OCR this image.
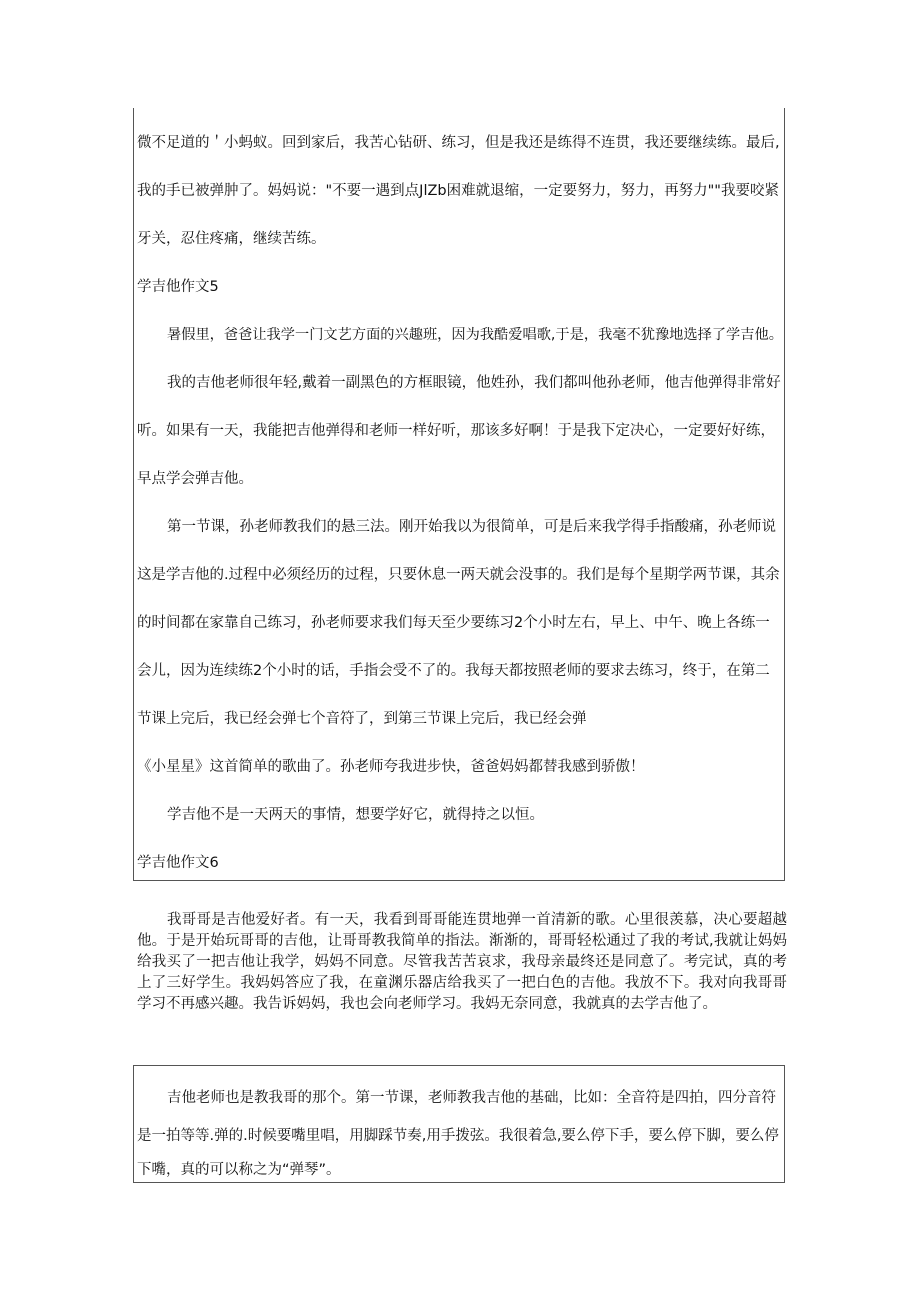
微不足道的＇小蚂蚁。回到家后，我苦心钻研、练习，但是我还是练得不连贯，我还要继续练。最后,
我的手已被弹肿了。妈妈说："不要一遇到点JlZb困难就退缩，一定要努力，努力，再努力""我要咬紧
牙关，忍住疼痛，继续苦练。
学吉他作文5
暑假里，爸爸让我学一门文艺方面的兴趣班，因为我酷爱唱歌,于是，我毫不犹豫地选择了学吉他。
我的吉他老师很年轻,戴着一副黑色的方框眼镜，他姓孙，我们都叫他孙老师，他吉他弹得非常好
听。如果有一天，我能把吉他弹得和老师一样好听，那该多好啊！于是我下定决心，一定要好好练，
早点学会弹吉他。
第一节课，孙老师教我们的悬三法。刚开始我以为很简单，可是后来我学得手指酸痛，孙老师说
这是学吉他的.过程中必须经历的过程，只要休息一两天就会没事的。我们是每个星期学两节课，其余
的时间都在家靠自己练习，孙老师要求我们每天至少要练习2个小时左右，早上、中午、晚上各练一
会儿，因为连续练2个小时的话，手指会受不了的。我每天都按照老师的要求去练习，终于，在第二
节课上完后，我已经会弹七个音符了，到第三节课上完后，我已经会弹
《小星星》这首简单的歌曲了。孙老师夸我进步快，爸爸妈妈都替我感到骄傲！
学吉他不是一天两天的事情，想要学好它，就得持之以恒。
学吉他作文6

我哥哥是吉他爱好者。有一天，我看到哥哥能连贯地弹一首清新的歌。心里很羡慕，决心要超越他。于是开始玩哥哥的吉他，让哥哥教我简单的指法。渐渐的，哥哥轻松通过了我的考试,我就让妈妈给我买了一把吉他让我学，妈妈不同意。尽管我苦苦哀求，我母亲最终还是同意了。考完试，真的考上了三好学生。我妈妈答应了我，在童渊乐器店给我买了一把白色的吉他。我放不下。我对向我哥哥学习不再感兴趣。我告诉妈妈，我也会向老师学习。我妈无奈同意，我就真的去学吉他了。

吉他老师也是教我哥的那个。第一节课，老师教我吉他的基础，比如：全音符是四拍，四分音符
是一拍等等.弹的.时候要嘴里唱，用脚踩节奏,用手拨弦。我很着急,要么停下手，要么停下脚，要么停
下嘴，真的可以称之为“弹琴”。
